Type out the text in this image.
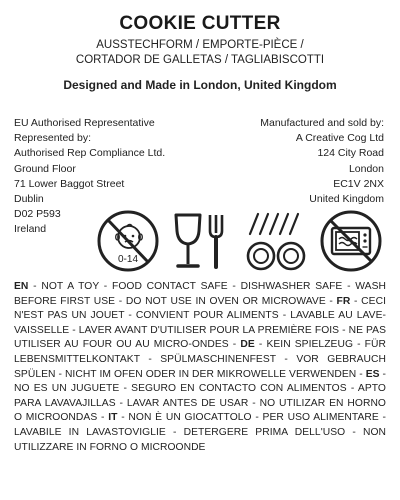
COOKIE CUTTER
AUSSTECHFORM / EMPORTE-PIÈCE /
CORTADOR DE GALLETAS / TAGLIABISCOTTI
Designed and Made in London, United Kingdom
EU Authorised Representative
Represented by:
Authorised Rep Compliance Ltd.
Ground Floor
71 Lower Baggot Street
Dublin
D02 P593
Ireland
Manufactured and sold by:
A Creative Cog Ltd
124 City Road
London
EC1V 2NX
United Kingdom
0-14
EN - NOT A TOY - FOOD CONTACT SAFE - DISHWASHER SAFE - WASH BEFORE FIRST USE - DO NOT USE IN OVEN OR MICROWAVE - FR - CECI N'EST PAS UN JOUET - CONVIENT POUR ALIMENTS - LAVABLE AU LAVE-VAISSELLE - LAVER AVANT D'UTILISER POUR LA PREMIÈRE FOIS - NE PAS UTILISER AU FOUR OU AU MICRO-ONDES - DE - KEIN SPIELZEUG - FÜR LEBENSMITTELKONTAKT - SPÜLMASCHINENFEST - VOR GEBRAUCH SPÜLEN - NICHT IM OFEN ODER IN DER MIKROWELLE VERWENDEN - ES - NO ES UN JUGUETE - SEGURO EN CONTACTO CON ALIMENTOS - APTO PARA LAVAVAJILLAS - LAVAR ANTES DE USAR - NO UTILIZAR EN HORNO O MICROONDAS - IT - NON È UN GIOCATTOLO - PER USO ALIMENTARE - LAVABILE IN LAVASTOVIGLIE - DETERGERE PRIMA DELL'USO - NON UTILIZZARE IN FORNO O MICROONDE
